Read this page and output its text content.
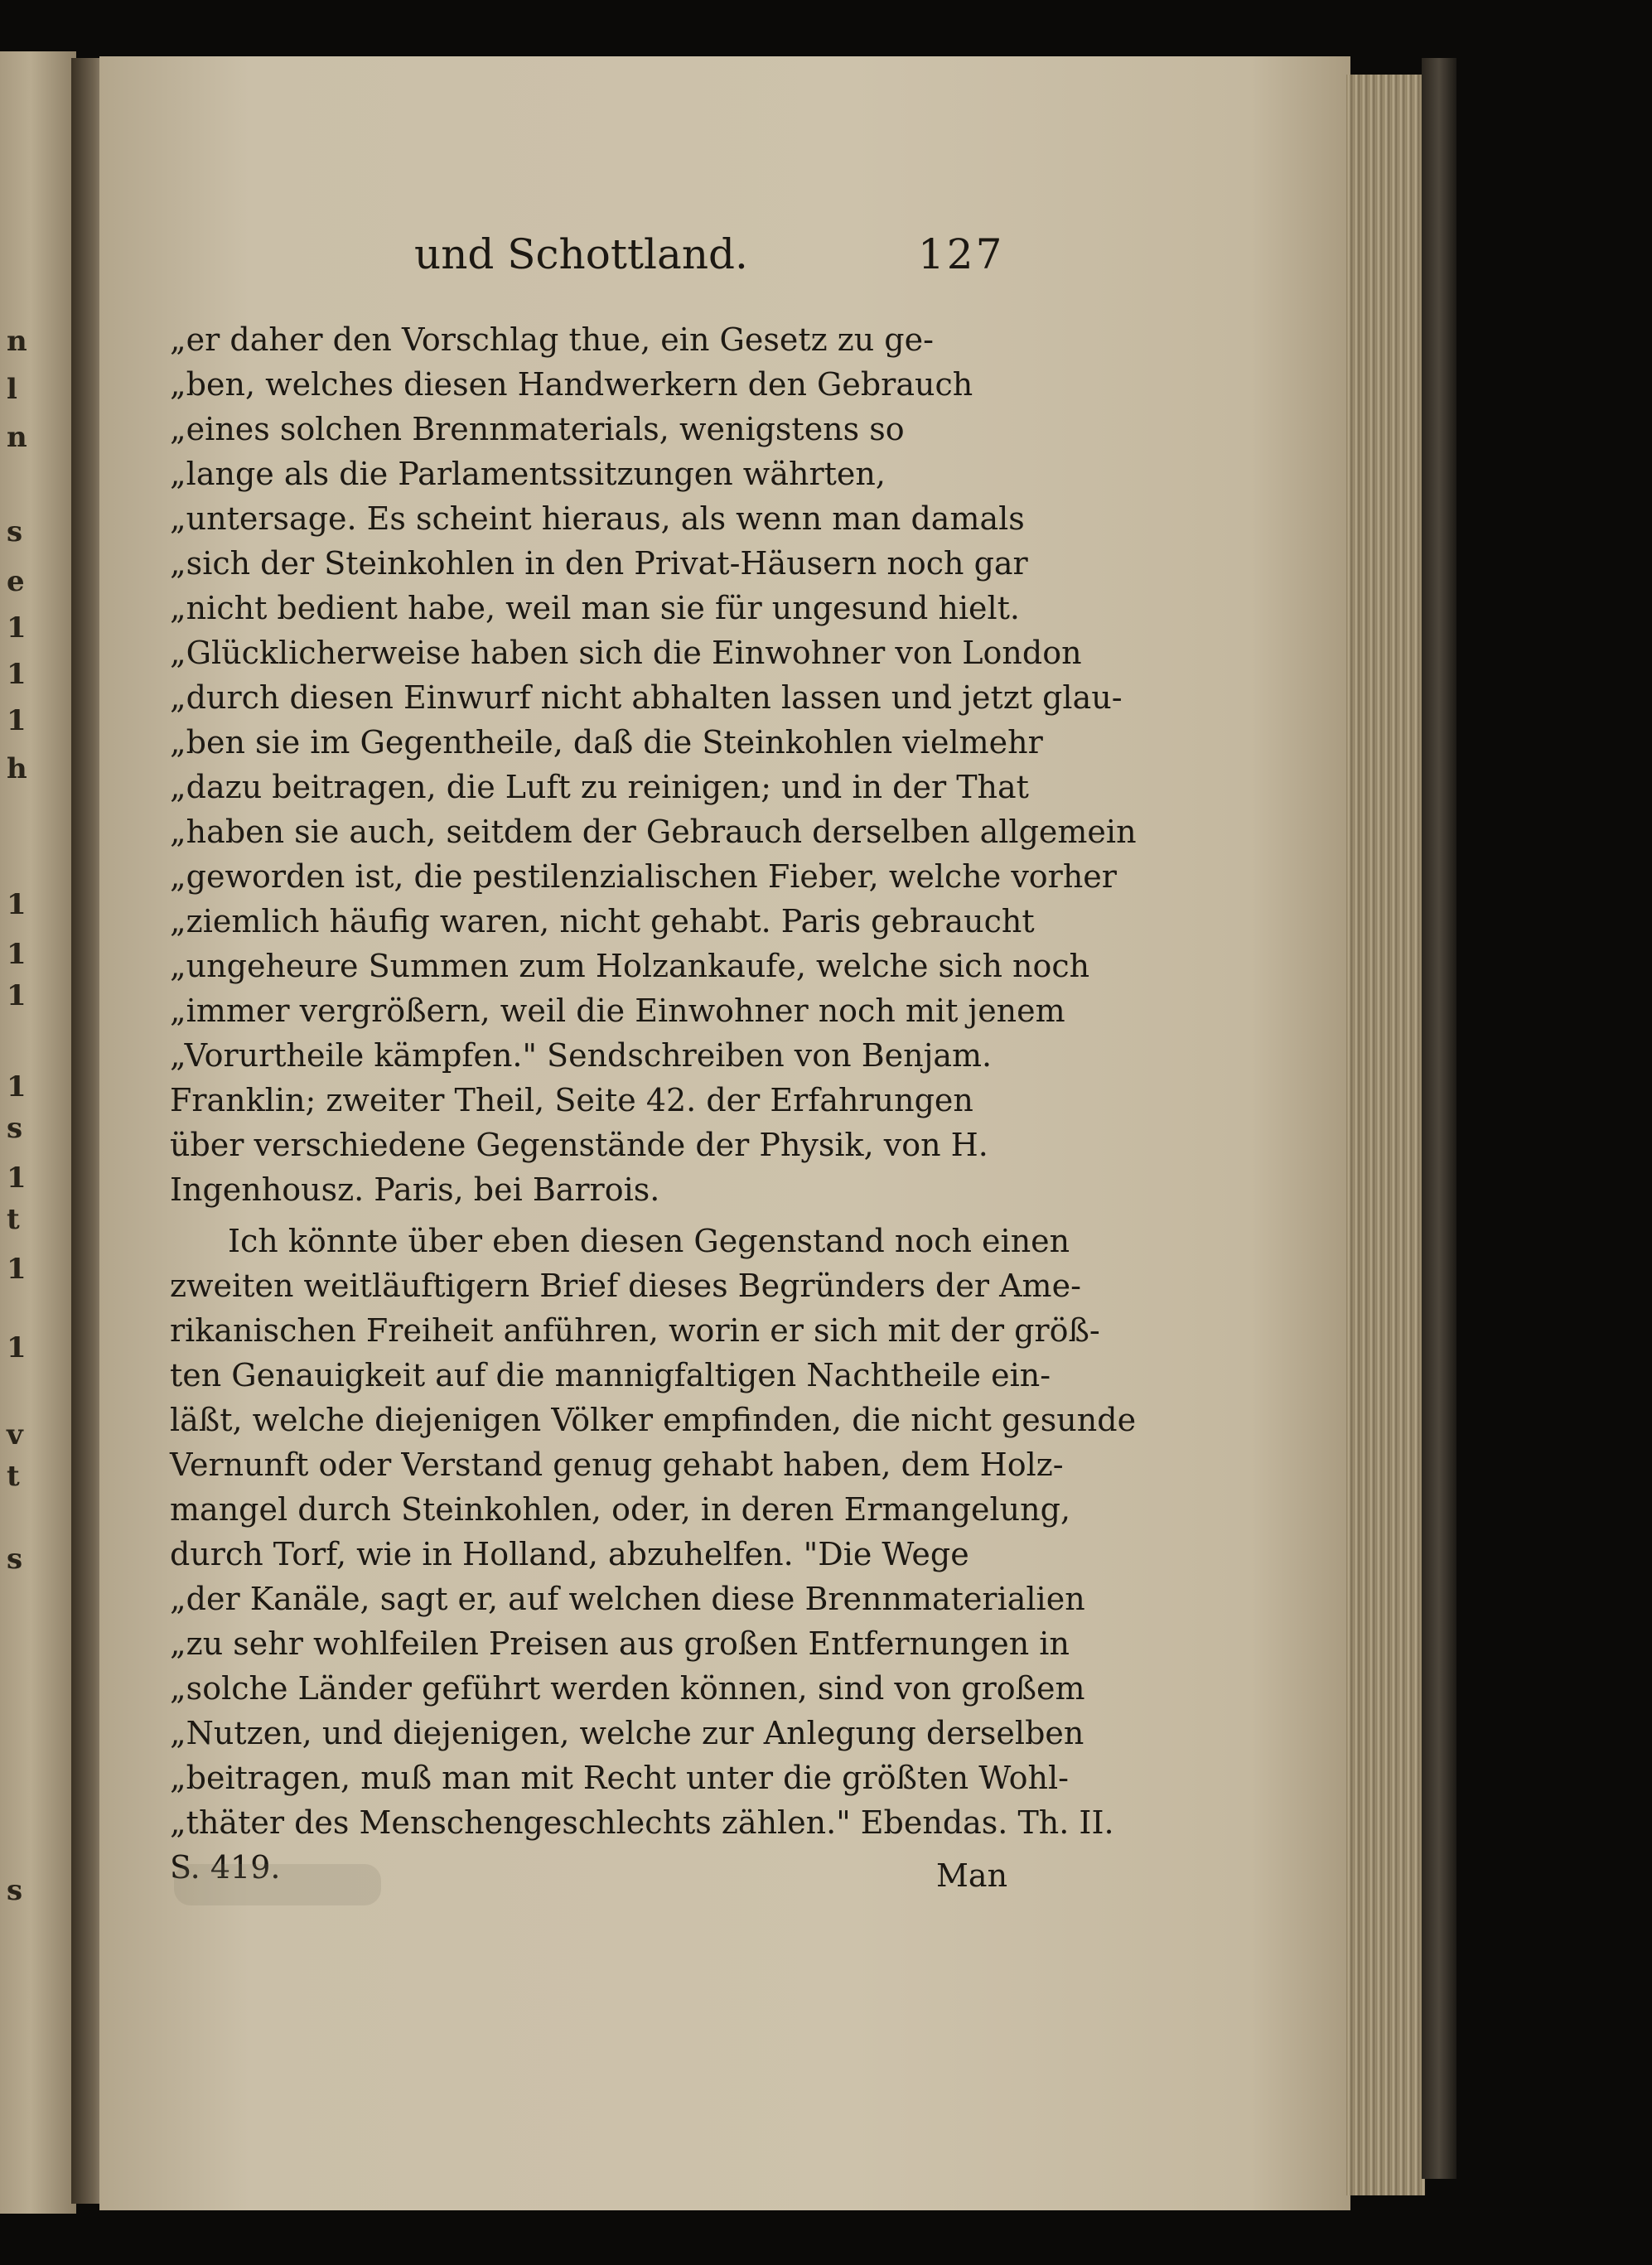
n
l
n
s
e
1
1
1
h
1
1
1
1
s
1
t
1
1
v
t
s
s
und Schottland.	127
„er daher den Vorschlag thue, ein Gesetz zu ge-
„ben, welches diesen Handwerkern den Gebrauch
„eines solchen Brennmaterials, wenigstens so
„lange als die Parlamentssitzungen währten,
„untersage. Es scheint hieraus, als wenn man damals
„sich der Steinkohlen in den Privat-Häusern noch gar
„nicht bedient habe, weil man sie für ungesund hielt.
„Glücklicherweise haben sich die Einwohner von London
„durch diesen Einwurf nicht abhalten lassen und jetzt glau-
„ben sie im Gegentheile, daß die Steinkohlen vielmehr
„dazu beitragen, die Luft zu reinigen; und in der That
„haben sie auch, seitdem der Gebrauch derselben allgemein
„geworden ist, die pestilenzialischen Fieber, welche vorher
„ziemlich häufig waren, nicht gehabt. Paris gebraucht
„ungeheure Summen zum Holzankaufe, welche sich noch
„immer vergrößern, weil die Einwohner noch mit jenem
„Vorurtheile kämpfen." Sendschreiben von Benjam.
Franklin; zweiter Theil, Seite 42. der Erfahrungen
über verschiedene Gegenstände der Physik, von H.
Ingenhousz. Paris, bei Barrois.
Ich könnte über eben diesen Gegenstand noch einen
zweiten weitläuftigern Brief dieses Begründers der Ame-
rikanischen Freiheit anführen, worin er sich mit der größ-
ten Genauigkeit auf die mannigfaltigen Nachtheile ein-
läßt, welche diejenigen Völker empfinden, die nicht gesunde
Vernunft oder Verstand genug gehabt haben, dem Holz-
mangel durch Steinkohlen, oder, in deren Ermangelung,
durch Torf, wie in Holland, abzuhelfen. "Die Wege
„der Kanäle, sagt er, auf welchen diese Brennmaterialien
„zu sehr wohlfeilen Preisen aus großen Entfernungen in
„solche Länder geführt werden können, sind von großem
„Nutzen, und diejenigen, welche zur Anlegung derselben
„beitragen, muß man mit Recht unter die größten Wohl-
„thäter des Menschengeschlechts zählen." Ebendas. Th. II.
S. 419.	Man
